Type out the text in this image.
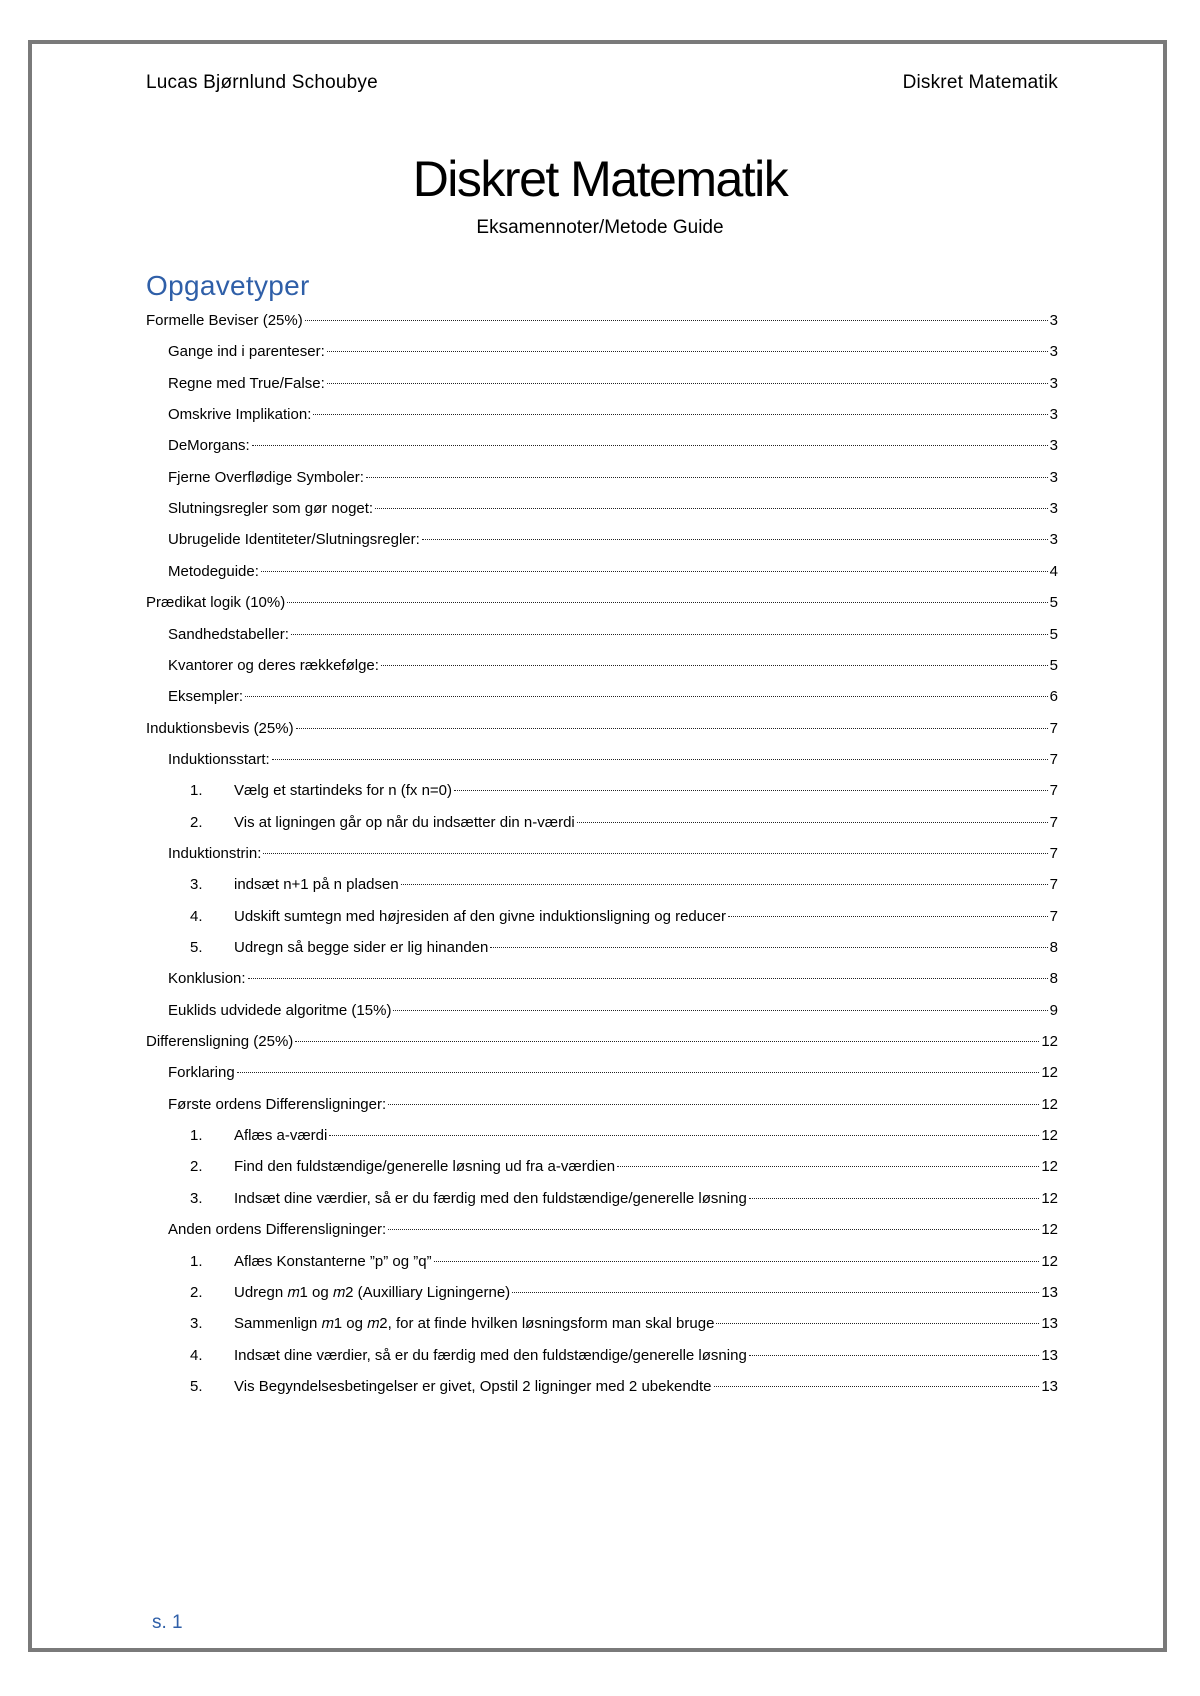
Lucas Bjørnlund Schoubye	Diskret Matematik
Diskret Matematik
Eksamennoter/Metode Guide
Opgavetyper
Formelle Beviser (25%)	3
Gange ind i parenteser:	3
Regne med True/False:	3
Omskrive Implikation:	3
DeMorgans:	3
Fjerne Overflødige Symboler:	3
Slutningsregler som gør noget:	3
Ubrugelide Identiteter/Slutningsregler:	3
Metodeguide:	4
Prædikat logik (10%)	5
Sandhedstabeller:	5
Kvantorer og deres rækkefølge:	5
Eksempler:	6
Induktionsbevis (25%)	7
Induktionsstart:	7
1.	Vælg et startindeks for n (fx n=0)	7
2.	Vis at ligningen går op når du indsætter din n-værdi	7
Induktionstrin:	7
3.	indsæt n+1 på n pladsen	7
4.	Udskift sumtegn med højresiden af den givne induktionsligning og reducer	7
5.	Udregn så begge sider er lig hinanden	8
Konklusion:	8
Euklids udvidede algoritme (15%)	9
Differensligning (25%)	12
Forklaring	12
Første ordens Differensligninger:	12
1.	Aflæs a-værdi	12
2.	Find den fuldstændige/generelle løsning ud fra a-værdien	12
3.	Indsæt dine værdier, så er du færdig med den fuldstændige/generelle løsning	12
Anden ordens Differensligninger:	12
1.	Aflæs Konstanterne ”p” og ”q”	12
2.	Udregn 𝑚1 og 𝑚2 (Auxilliary Ligningerne)	13
3.	Sammenlign 𝑚1 og 𝑚2, for at finde hvilken løsningsform man skal bruge	13
4.	Indsæt dine værdier, så er du færdig med den fuldstændige/generelle løsning	13
5.	Vis Begyndelsesbetingelser er givet, Opstil 2 ligninger med 2 ubekendte	13
s. 1
